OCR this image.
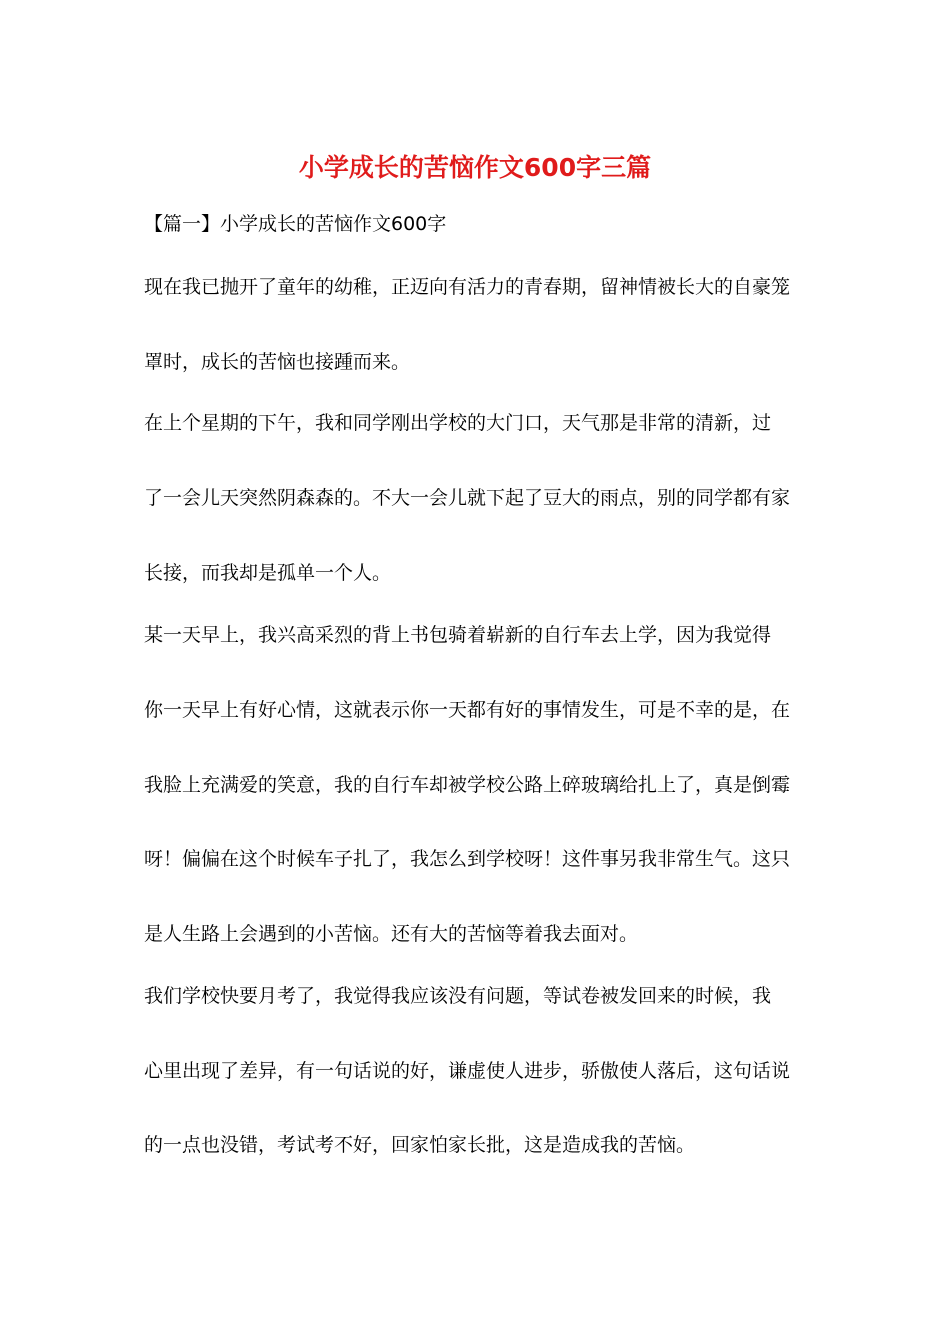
小学成长的苦恼作文600字三篇
【篇一】小学成长的苦恼作文600字
现在我已抛开了童年的幼稚，正迈向有活力的青春期，留神情被长大的自豪笼
罩时，成长的苦恼也接踵而来。
在上个星期的下午，我和同学刚出学校的大门口，天气那是非常的清新，过
了一会儿天突然阴森森的。不大一会儿就下起了豆大的雨点，别的同学都有家
长接，而我却是孤单一个人。
某一天早上，我兴高采烈的背上书包骑着崭新的自行车去上学，因为我觉得
你一天早上有好心情，这就表示你一天都有好的事情发生，可是不幸的是，在
我脸上充满爱的笑意，我的自行车却被学校公路上碎玻璃给扎上了，真是倒霉
呀！偏偏在这个时候车子扎了，我怎么到学校呀！这件事另我非常生气。这只
是人生路上会遇到的小苦恼。还有大的苦恼等着我去面对。
我们学校快要月考了，我觉得我应该没有问题，等试卷被发回来的时候，我
心里出现了差异，有一句话说的好，谦虚使人进步，骄傲使人落后，这句话说
的一点也没错，考试考不好，回家怕家长批，这是造成我的苦恼。
